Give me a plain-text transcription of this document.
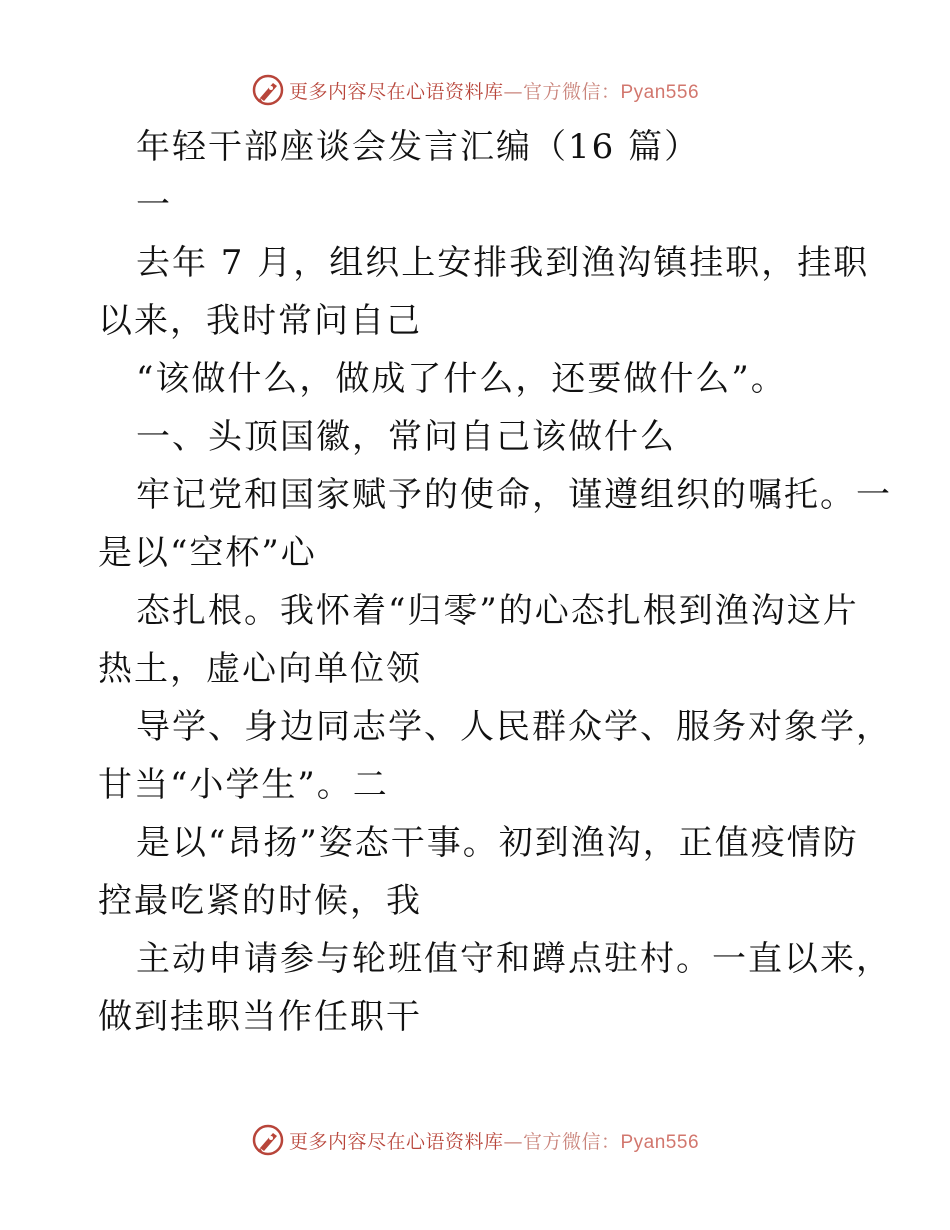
更多内容尽在心语资料库—官方微信：Pyan556
年轻干部座谈会发言汇编（16 篇）
一
去年 7 月，组织上安排我到渔沟镇挂职，挂职
以来，我时常问自己
“该做什么，做成了什么，还要做什么”。
一、头顶国徽，常问自己该做什么
牢记党和国家赋予的使命，谨遵组织的嘱托。一
是以“空杯”心
态扎根。我怀着“归零”的心态扎根到渔沟这片
热土，虚心向单位领
导学、身边同志学、人民群众学、服务对象学，
甘当“小学生”。二
是以“昂扬”姿态干事。初到渔沟，正值疫情防
控最吃紧的时候，我
主动申请参与轮班值守和蹲点驻村。一直以来，
做到挂职当作任职干
更多内容尽在心语资料库—官方微信：Pyan556
